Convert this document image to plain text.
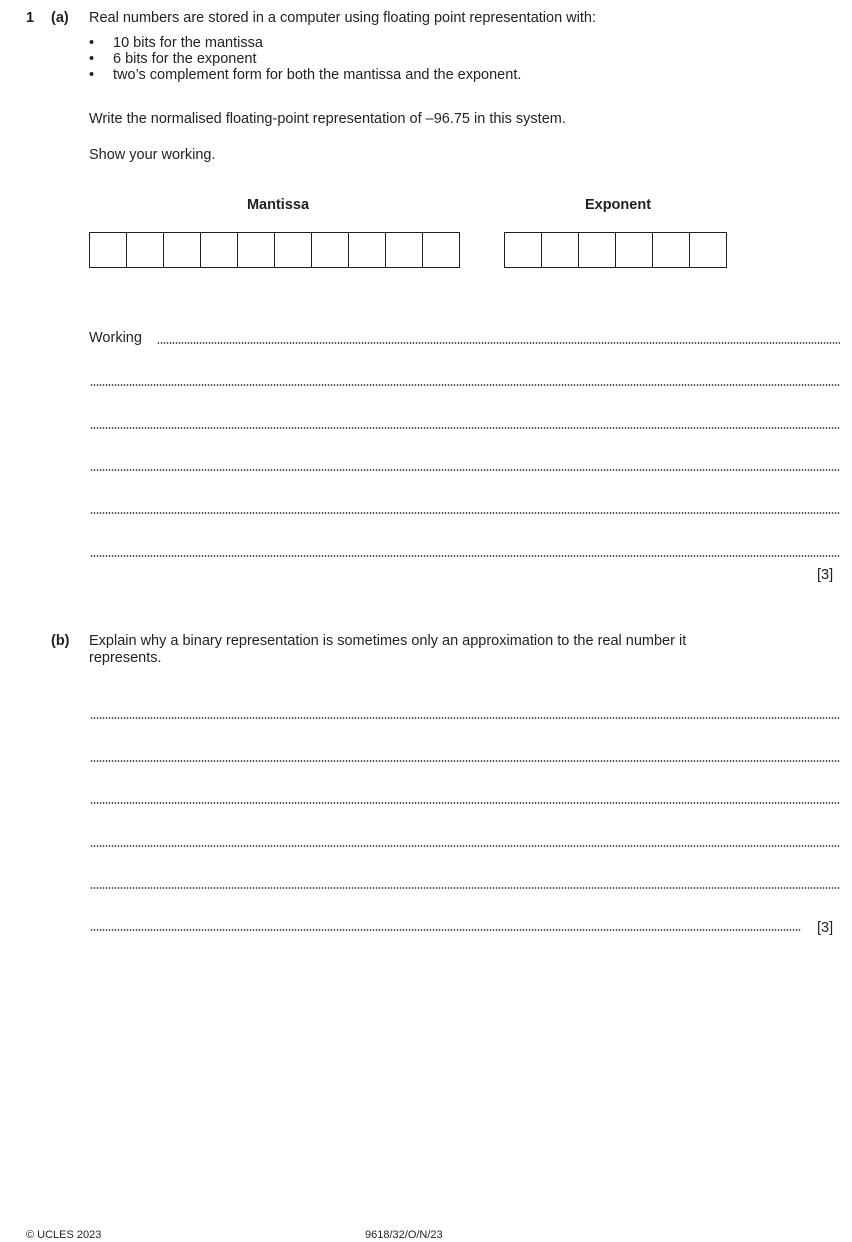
1 (a) Real numbers are stored in a computer using floating point representation with:
• 10 bits for the mantissa
• 6 bits for the exponent
• two’s complement form for both the mantissa and the exponent.
Write the normalised floating-point representation of –96.75 in this system.
Show your working.
Mantissa	Exponent
Working
[3]
(b) Explain why a binary representation is sometimes only an approximation to the real number it
represents.
[3]
© UCLES 2023	9618/32/O/N/23
